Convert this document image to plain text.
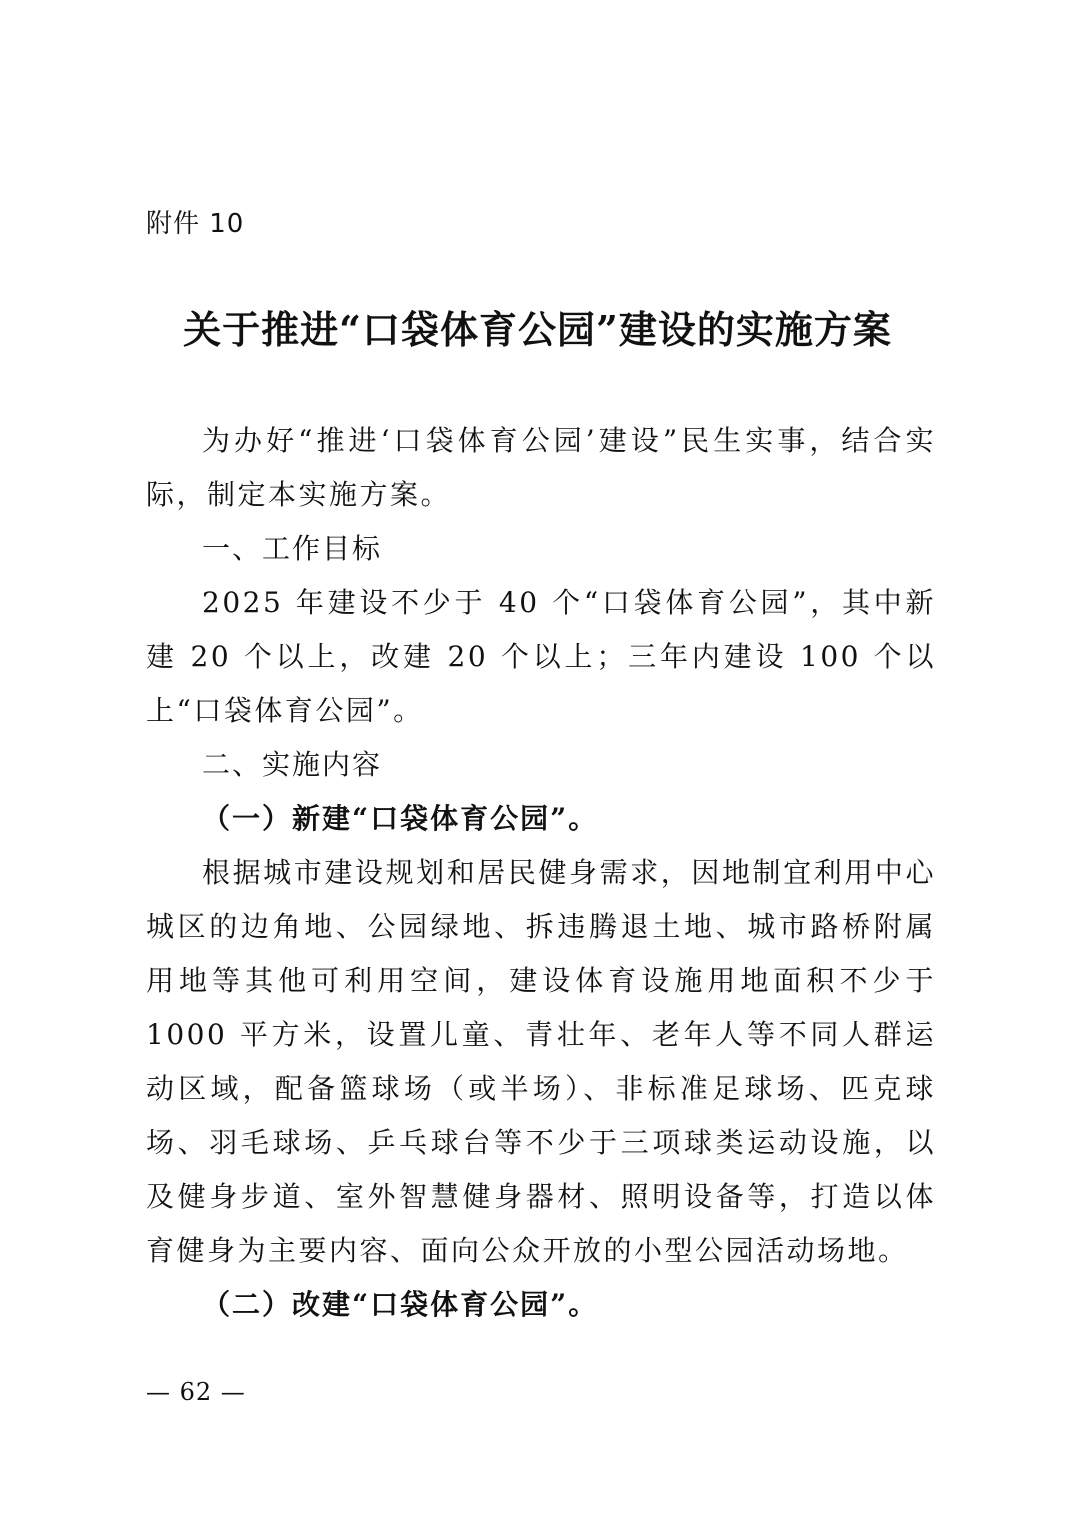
附件 10
关于推进“口袋体育公园”建设的实施方案

为办好“推进‘口袋体育公园’建设”民生实事，结合实际，制定本实施方案。

一、工作目标

2025 年建设不少于 40 个“口袋体育公园”，其中新建 20 个以上，改建 20 个以上；三年内建设 100 个以上“口袋体育公园”。

二、实施内容

（一）新建“口袋体育公园”。

根据城市建设规划和居民健身需求，因地制宜利用中心城区的边角地、公园绿地、拆违腾退土地、城市路桥附属用地等其他可利用空间，建设体育设施用地面积不少于 1000 平方米，设置儿童、青壮年、老年人等不同人群运动区域，配备篮球场（或半场）、非标准足球场、匹克球场、羽毛球场、乒乓球台等不少于三项球类运动设施，以及健身步道、室外智慧健身器材、照明设备等，打造以体育健身为主要内容、面向公众开放的小型公园活动场地。

（二）改建“口袋体育公园”。

— 62 —
